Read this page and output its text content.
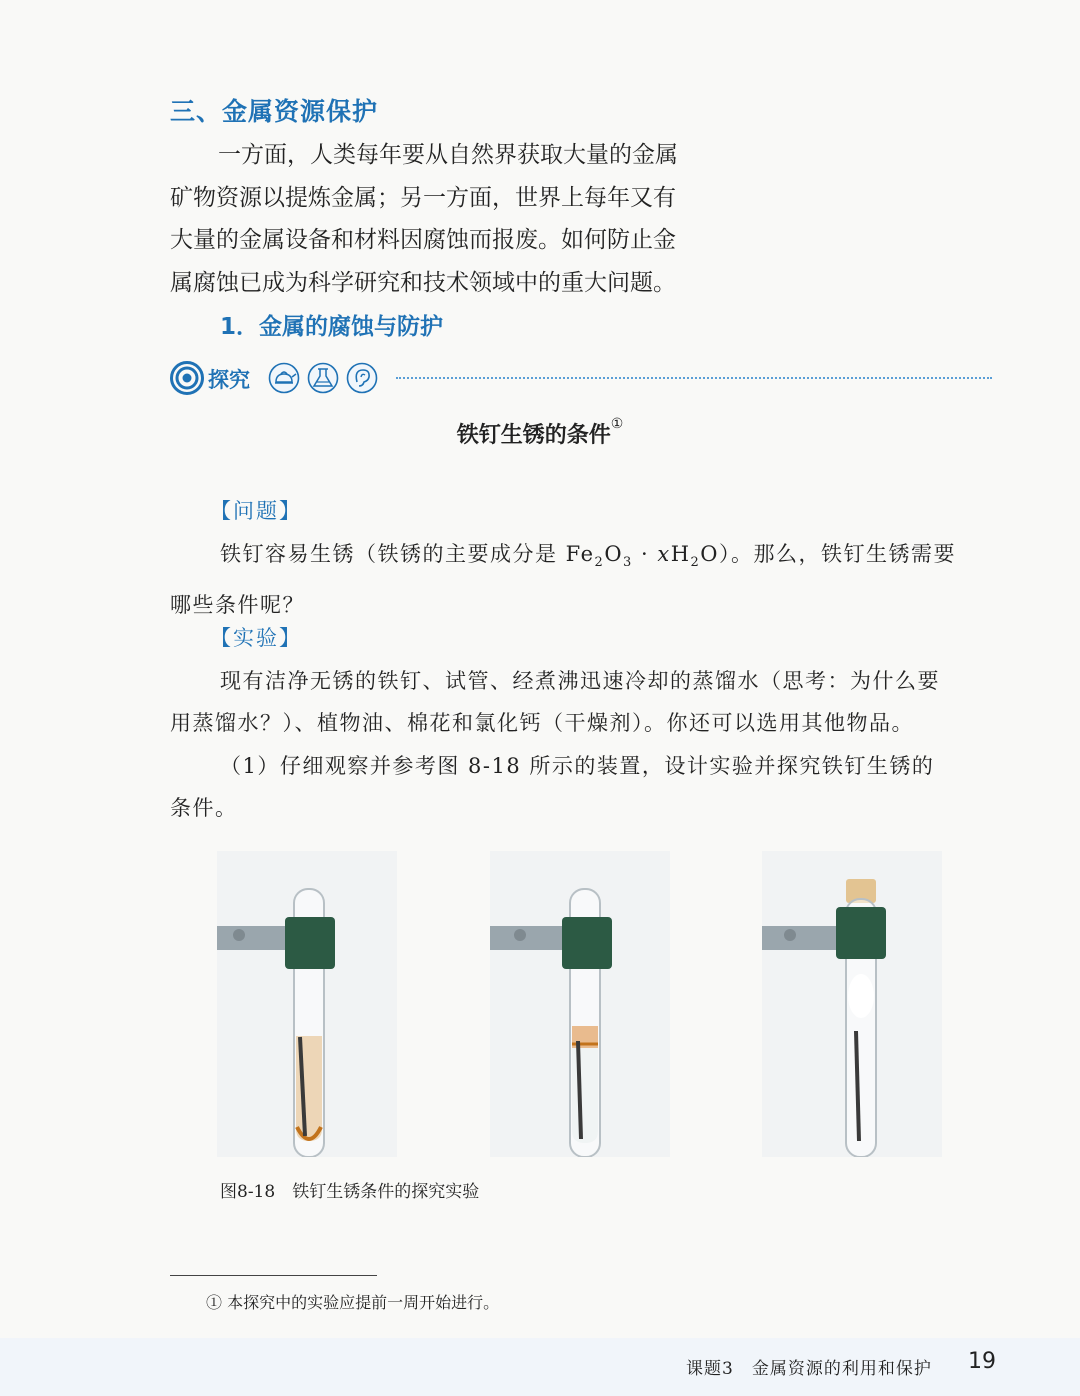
三、金属资源保护
一方面，人类每年要从自然界获取大量的金属
矿物资源以提炼金属；另一方面，世界上每年又有
大量的金属设备和材料因腐蚀而报废。如何防止金
属腐蚀已成为科学研究和技术领域中的重大问题。
1．金属的腐蚀与防护
探究
铁钉生锈的条件①
【问题】
铁钉容易生锈（铁锈的主要成分是 $Fe_2O_3 \cdot xH_2O$）。那么，铁钉生锈需要
哪些条件呢？
【实验】
现有洁净无锈的铁钉、试管、经煮沸迅速冷却的蒸馏水（思考：为什么要
用蒸馏水？）、植物油、棉花和氯化钙（干燥剂）。你还可以选用其他物品。
（1）仔细观察并参考图 8-18 所示的装置，设计实验并探究铁钉生锈的
条件。
图8-18　铁钉生锈条件的探究实验
① 本探究中的实验应提前一周开始进行。
课题3　金属资源的利用和保护 19
